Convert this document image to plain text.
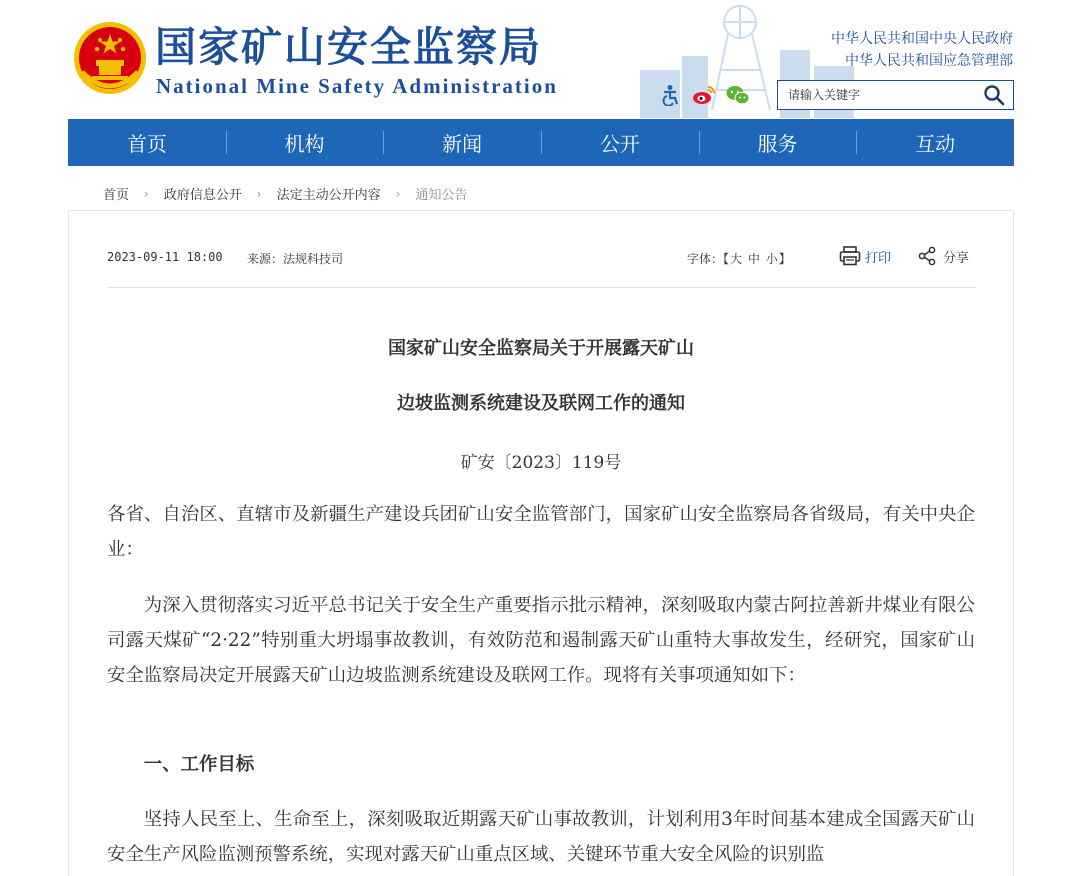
国家矿山安全监察局
National Mine Safety Administration
中华人民共和国中央人民政府
中华人民共和国应急管理部
请输入关键字
首页	机构	新闻	公开	服务	互动
首页 › 政府信息公开 › 法定主动公开内容 › 通知公告
2023-09-11 18:00 来源：法规科技司	字体：【大 中 小】	打印	分享
国家矿山安全监察局关于开展露天矿山
边坡监测系统建设及联网工作的通知
矿安〔2023〕119号
各省、自治区、直辖市及新疆生产建设兵团矿山安全监管部门，国家矿山安全监察局各省级局，有关中央企业：
为深入贯彻落实习近平总书记关于安全生产重要指示批示精神，深刻吸取内蒙古阿拉善新井煤业有限公司露天煤矿“2·22”特别重大坍塌事故教训，有效防范和遏制露天矿山重特大事故发生，经研究，国家矿山安全监察局决定开展露天矿山边坡监测系统建设及联网工作。现将有关事项通知如下：
一、工作目标
坚持人民至上、生命至上，深刻吸取近期露天矿山事故教训，计划利用3年时间基本建成全国露天矿山安全生产风险监测预警系统，实现对露天矿山重点区域、关键环节重大安全风险的识别监
